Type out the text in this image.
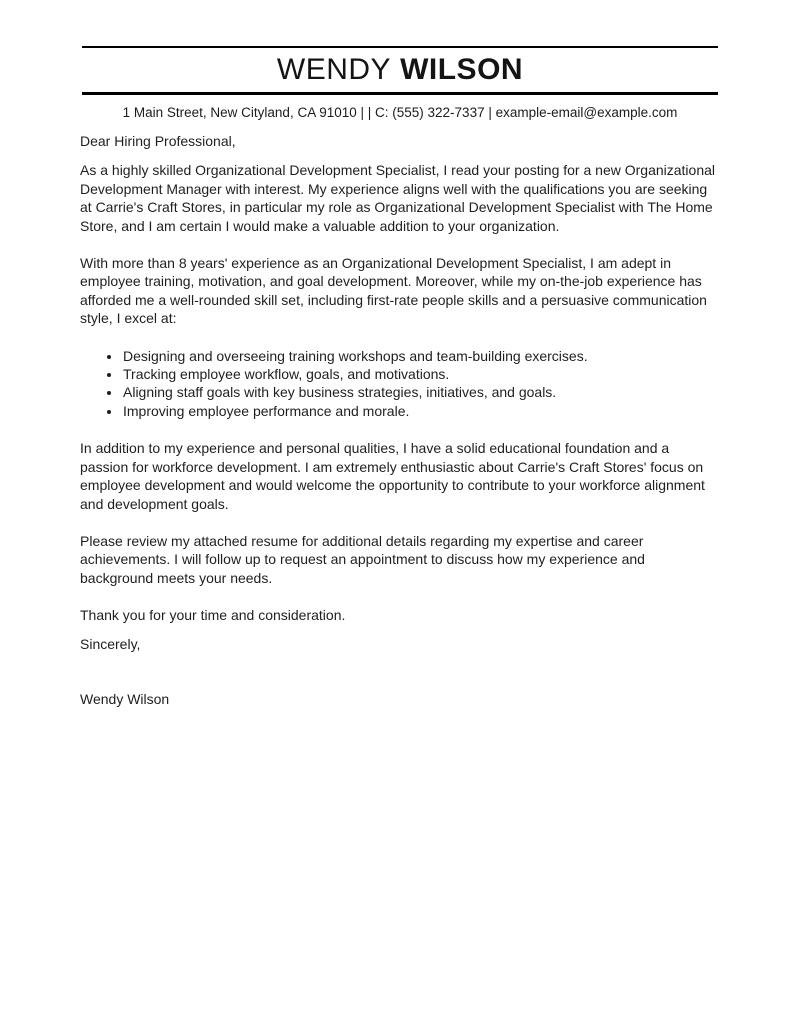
WENDY WILSON
1 Main Street, New Cityland, CA 91010 | | C: (555) 322-7337 | example-email@example.com

Dear Hiring Professional,

As a highly skilled Organizational Development Specialist, I read your posting for a new Organizational Development Manager with interest. My experience aligns well with the qualifications you are seeking at Carrie's Craft Stores, in particular my role as Organizational Development Specialist with The Home Store, and I am certain I would make a valuable addition to your organization.

With more than 8 years' experience as an Organizational Development Specialist, I am adept in employee training, motivation, and goal development. Moreover, while my on-the-job experience has afforded me a well-rounded skill set, including first-rate people skills and a persuasive communication style, I excel at:

• Designing and overseeing training workshops and team-building exercises.
• Tracking employee workflow, goals, and motivations.
• Aligning staff goals with key business strategies, initiatives, and goals.
• Improving employee performance and morale.

In addition to my experience and personal qualities, I have a solid educational foundation and a passion for workforce development. I am extremely enthusiastic about Carrie's Craft Stores' focus on employee development and would welcome the opportunity to contribute to your workforce alignment and development goals.

Please review my attached resume for additional details regarding my expertise and career achievements. I will follow up to request an appointment to discuss how my experience and background meets your needs.

Thank you for your time and consideration.

Sincerely,

Wendy Wilson
